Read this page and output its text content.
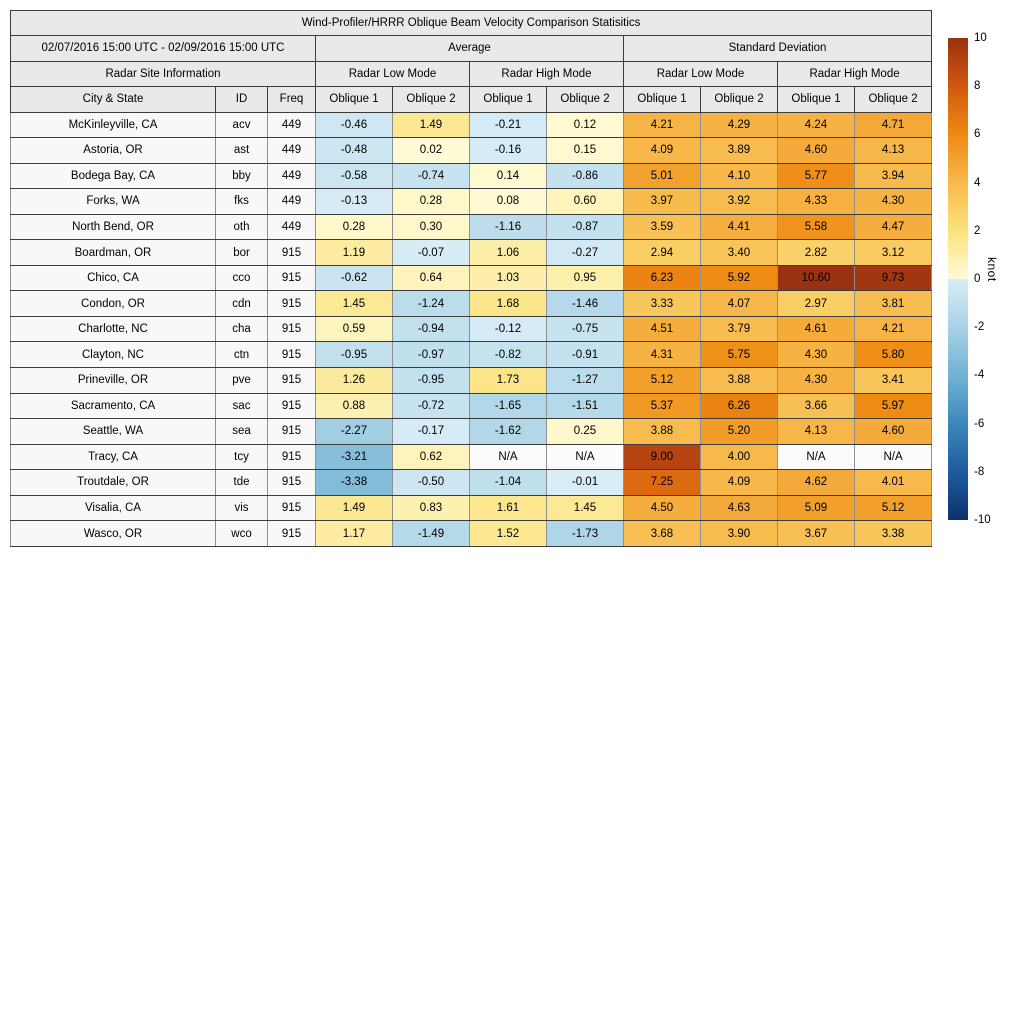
Wind-Profiler/HRRR Oblique Beam Velocity Comparison Statisitics										
02/07/2016 15:00 UTC - 02/09/2016 15:00 UTC			Average				Standard Deviation			
Radar Site Information			Radar Low Mode		Radar High Mode		Radar Low Mode		Radar High Mode	
City & State	ID	Freq	Oblique 1	Oblique 2	Oblique 1	Oblique 2	Oblique 1	Oblique 2	Oblique 1	Oblique 2
McKinleyville, CA	acv	449	-0.46	1.49	-0.21	0.12	4.21	4.29	4.24	4.71
Astoria, OR	ast	449	-0.48	0.02	-0.16	0.15	4.09	3.89	4.60	4.13
Bodega Bay, CA	bby	449	-0.58	-0.74	0.14	-0.86	5.01	4.10	5.77	3.94
Forks, WA	fks	449	-0.13	0.28	0.08	0.60	3.97	3.92	4.33	4.30
North Bend, OR	oth	449	0.28	0.30	-1.16	-0.87	3.59	4.41	5.58	4.47
Boardman, OR	bor	915	1.19	-0.07	1.06	-0.27	2.94	3.40	2.82	3.12
Chico, CA	cco	915	-0.62	0.64	1.03	0.95	6.23	5.92	10.60	9.73
Condon, OR	cdn	915	1.45	-1.24	1.68	-1.46	3.33	4.07	2.97	3.81
Charlotte, NC	cha	915	0.59	-0.94	-0.12	-0.75	4.51	3.79	4.61	4.21
Clayton, NC	ctn	915	-0.95	-0.97	-0.82	-0.91	4.31	5.75	4.30	5.80
Prineville, OR	pve	915	1.26	-0.95	1.73	-1.27	5.12	3.88	4.30	3.41
Sacramento, CA	sac	915	0.88	-0.72	-1.65	-1.51	5.37	6.26	3.66	5.97
Seattle, WA	sea	915	-2.27	-0.17	-1.62	0.25	3.88	5.20	4.13	4.60
Tracy, CA	tcy	915	-3.21	0.62	N/A	N/A	9.00	4.00	N/A	N/A
Troutdale, OR	tde	915	-3.38	-0.50	-1.04	-0.01	7.25	4.09	4.62	4.01
Visalia, CA	vis	915	1.49	0.83	1.61	1.45	4.50	4.63	5.09	5.12
Wasco, OR	wco	915	1.17	-1.49	1.52	-1.73	3.68	3.90	3.67	3.38
10
8
6
4
2
0
-2
-4
-6
-8
-10
knot
